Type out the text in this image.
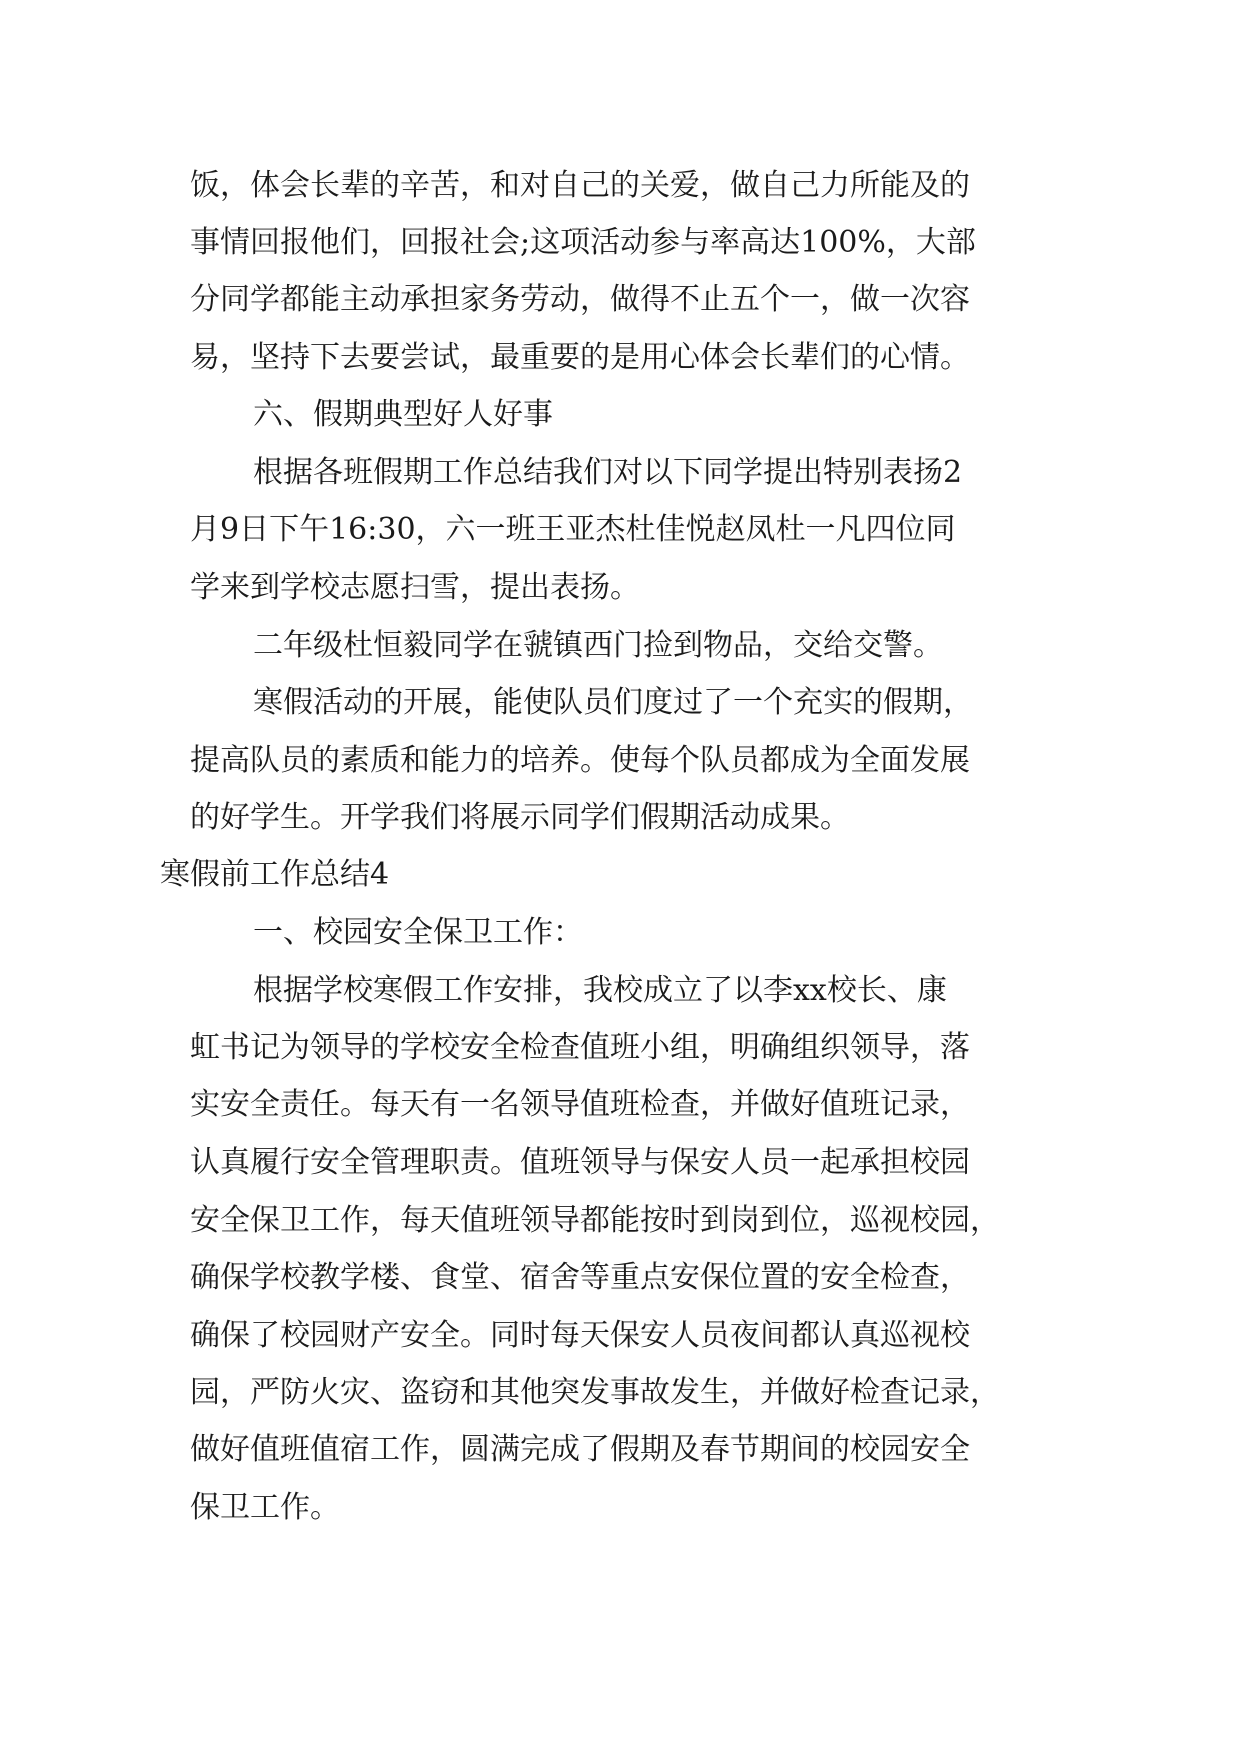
饭，体会长辈的辛苦，和对自己的关爱，做自己力所能及的
事情回报他们，回报社会;这项活动参与率高达100%，大部
分同学都能主动承担家务劳动，做得不止五个一，做一次容
易，坚持下去要尝试，最重要的是用心体会长辈们的心情。
六、假期典型好人好事
根据各班假期工作总结我们对以下同学提出特别表扬2
月9日下午16:30，六一班王亚杰杜佳悦赵凤杜一凡四位同
学来到学校志愿扫雪，提出表扬。
二年级杜恒毅同学在虢镇西门捡到物品，交给交警。
寒假活动的开展，能使队员们度过了一个充实的假期，
提高队员的素质和能力的培养。使每个队员都成为全面发展
的好学生。开学我们将展示同学们假期活动成果。
寒假前工作总结4
一、校园安全保卫工作：
根据学校寒假工作安排，我校成立了以李xx校长、康
虹书记为领导的学校安全检查值班小组，明确组织领导，落
实安全责任。每天有一名领导值班检查，并做好值班记录，
认真履行安全管理职责。值班领导与保安人员一起承担校园
安全保卫工作，每天值班领导都能按时到岗到位，巡视校园，
确保学校教学楼、食堂、宿舍等重点安保位置的安全检查，
确保了校园财产安全。同时每天保安人员夜间都认真巡视校
园，严防火灾、盗窃和其他突发事故发生，并做好检查记录，
做好值班值宿工作，圆满完成了假期及春节期间的校园安全
保卫工作。
